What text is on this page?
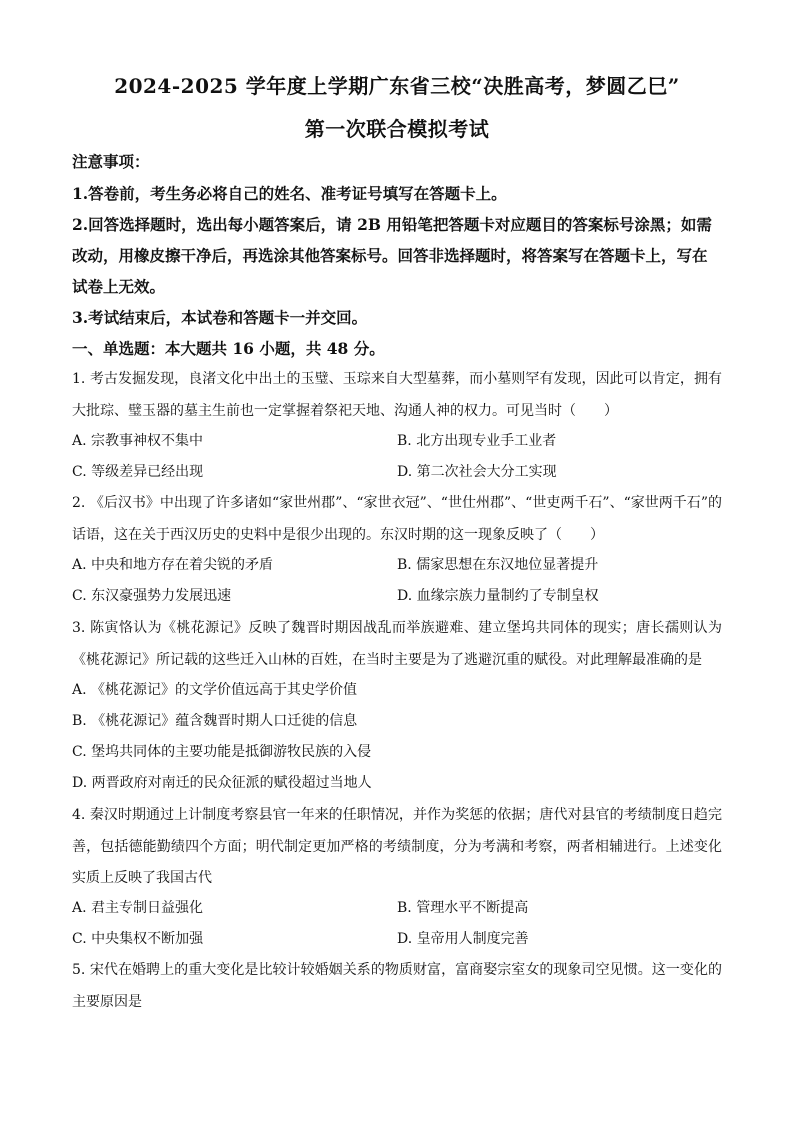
2024-2025 学年度上学期广东省三校“决胜高考，梦圆乙巳”
第一次联合模拟考试
注意事项：
1.答卷前，考生务必将自己的姓名、准考证号填写在答题卡上。
2.回答选择题时，选出每小题答案后，请 2B 用铅笔把答题卡对应题目的答案标号涂黑；如需改动，用橡皮擦干净后，再选涂其他答案标号。回答非选择题时，将答案写在答题卡上，写在试卷上无效。
3.考试结束后，本试卷和答题卡一并交回。
一、单选题：本大题共 16 小题，共 48 分。
1. 考古发掘发现，良渚文化中出土的玉璧、玉琮来自大型墓葬，而小墓则罕有发现，因此可以肯定，拥有大批琮、璧玉器的墓主生前也一定掌握着祭祀天地、沟通人神的权力。可见当时（　　）
A. 宗教事神权不集中	B. 北方出现专业手工业者
C. 等级差异已经出现	D. 第二次社会大分工实现
2. 《后汉书》中出现了许多诸如“家世州郡”、“家世衣冠”、“世仕州郡”、“世吏两千石”、“家世两千石”的话语，这在关于西汉历史的史料中是很少出现的。东汉时期的这一现象反映了（　　）
A. 中央和地方存在着尖锐的矛盾	B. 儒家思想在东汉地位显著提升
C. 东汉豪强势力发展迅速	D. 血缘宗族力量制约了专制皇权
3. 陈寅恪认为《桃花源记》反映了魏晋时期因战乱而举族避难、建立堡坞共同体的现实；唐长孺则认为《桃花源记》所记载的这些迁入山林的百姓，在当时主要是为了逃避沉重的赋役。对此理解最准确的是
A. 《桃花源记》的文学价值远高于其史学价值
B. 《桃花源记》蕴含魏晋时期人口迁徙的信息
C. 堡坞共同体的主要功能是抵御游牧民族的入侵
D. 两晋政府对南迁的民众征派的赋役超过当地人
4. 秦汉时期通过上计制度考察县官一年来的任职情况，并作为奖惩的依据；唐代对县官的考绩制度日趋完善，包括德能勤绩四个方面；明代制定更加严格的考绩制度，分为考满和考察，两者相辅进行。上述变化实质上反映了我国古代
A. 君主专制日益强化	B. 管理水平不断提高
C. 中央集权不断加强	D. 皇帝用人制度完善
5. 宋代在婚聘上的重大变化是比较计较婚姻关系的物质财富，富商娶宗室女的现象司空见惯。这一变化的主要原因是
